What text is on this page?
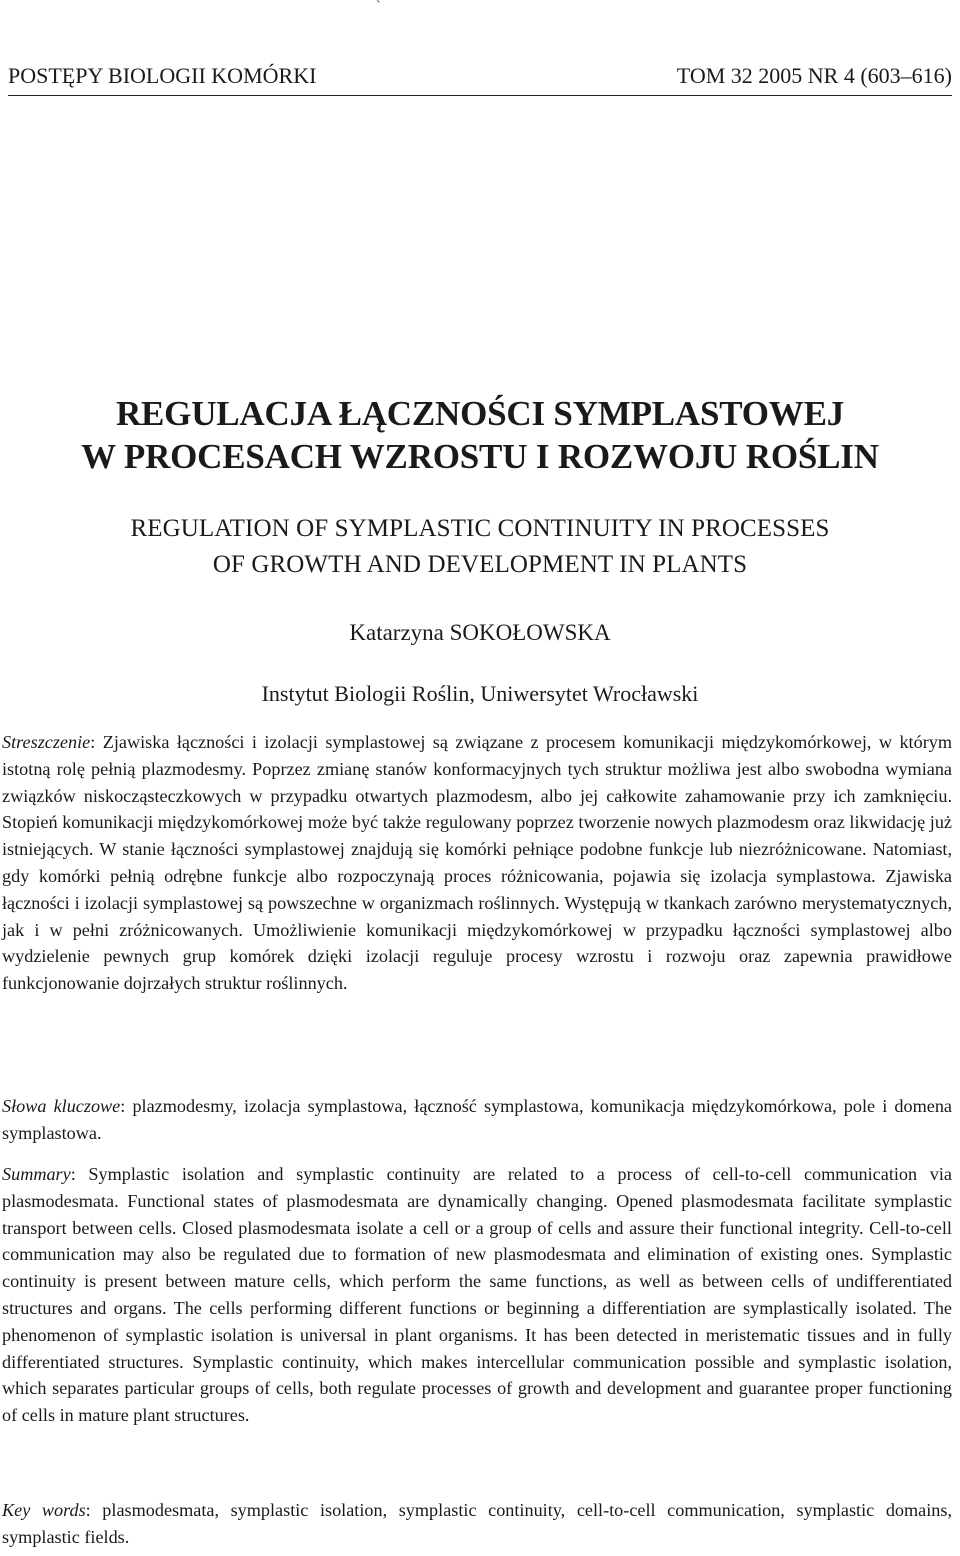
`
POSTĘPY BIOLOGII KOMÓRKI	TOM 32 2005 NR 4 (603–616)
REGULACJA ŁĄCZNOŚCI SYMPLASTOWEJ
W PROCESACH WZROSTU I ROZWOJU ROŚLIN
REGULATION OF SYMPLASTIC CONTINUITY IN PROCESSES
OF GROWTH AND DEVELOPMENT IN PLANTS
Katarzyna SOKOŁOWSKA
Instytut Biologii Roślin, Uniwersytet Wrocławski
Streszczenie: Zjawiska łączności i izolacji symplastowej są związane z procesem komunikacji międzykomórkowej, w którym istotną rolę pełnią plazmodesmy. Poprzez zmianę stanów konformacyjnych tych struktur możliwa jest albo swobodna wymiana związków niskocząsteczkowych w przypadku otwartych plazmodesm, albo jej całkowite zahamowanie przy ich zamknięciu. Stopień komunikacji międzykomórkowej może być także regulowany poprzez tworzenie nowych plazmodesm oraz likwidację już istniejących. W stanie łączności symplastowej znajdują się komórki pełniące podobne funkcje lub niezróżnicowane. Natomiast, gdy komórki pełnią odrębne funkcje albo rozpoczynają proces różnicowania, pojawia się izolacja symplastowa. Zjawiska łączności i izolacji symplastowej są powszechne w organizmach roślinnych. Występują w tkankach zarówno merystematycznych, jak i w pełni zróżnicowanych. Umożliwienie komunikacji międzykomórkowej w przypadku łączności symplastowej albo wydzielenie pewnych grup komórek dzięki izolacji reguluje procesy wzrostu i rozwoju oraz zapewnia prawidłowe funkcjonowanie dojrzałych struktur roślinnych.
Słowa kluczowe: plazmodesmy, izolacja symplastowa, łączność symplastowa, komunikacja międzykomórkowa, pole i domena symplastowa.
Summary: Symplastic isolation and symplastic continuity are related to a process of cell-to-cell communication via plasmodesmata. Functional states of plasmodesmata are dynamically changing. Opened plasmodesmata facilitate symplastic transport between cells. Closed plasmodesmata isolate a cell or a group of cells and assure their functional integrity. Cell-to-cell communication may also be regulated due to formation of new plasmodesmata and elimination of existing ones. Symplastic continuity is present between mature cells, which perform the same functions, as well as between cells of undifferentiated structures and organs. The cells performing different functions or beginning a differentiation are symplastically isolated. The phenomenon of symplastic isolation is universal in plant organisms. It has been detected in meristematic tissues and in fully differentiated structures. Symplastic continuity, which makes intercellular communication possible and symplastic isolation, which separates particular groups of cells, both regulate processes of growth and development and guarantee proper functioning of cells in mature plant structures.
Key words: plasmodesmata, symplastic isolation, symplastic continuity, cell-to-cell communication, symplastic domains, symplastic fields.
